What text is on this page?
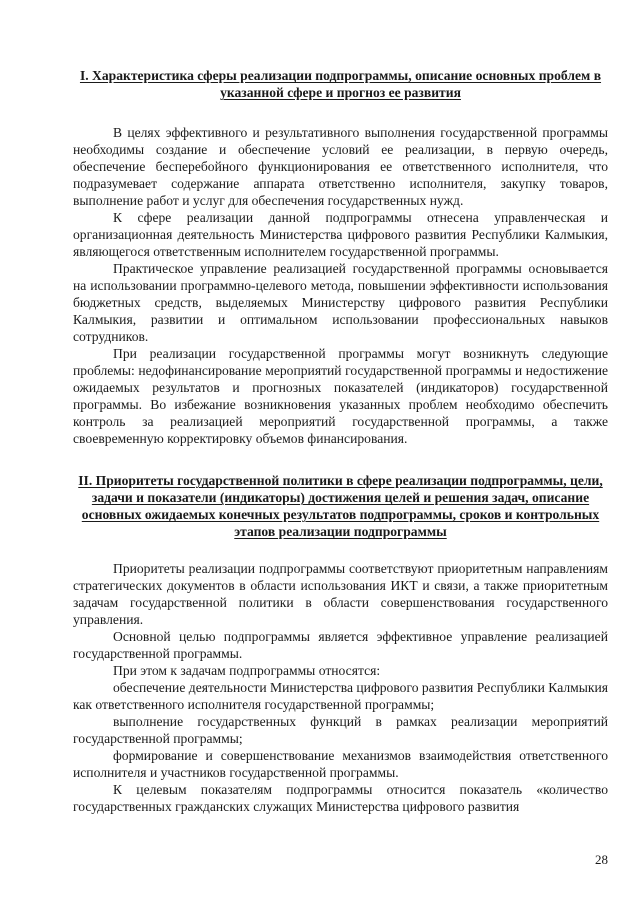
I. Характеристика сферы реализации подпрограммы, описание основных проблем в указанной сфере и прогноз ее развития

В целях эффективного и результативного выполнения государственной программы необходимы создание и обеспечение условий ее реализации, в первую очередь, обеспечение бесперебойного функционирования ее ответственного исполнителя, что подразумевает содержание аппарата ответственно исполнителя, закупку товаров, выполнение работ и услуг для обеспечения государственных нужд.

К сфере реализации данной подпрограммы отнесена управленческая и организационная деятельность Министерства цифрового развития Республики Калмыкия, являющегося ответственным исполнителем государственной программы.

Практическое управление реализацией государственной программы основывается на использовании программно-целевого метода, повышении эффективности использования бюджетных средств, выделяемых Министерству цифрового развития Республики Калмыкия, развитии и оптимальном использовании профессиональных навыков сотрудников.

При реализации государственной программы могут возникнуть следующие проблемы: недофинансирование мероприятий государственной программы и недостижение ожидаемых результатов и прогнозных показателей (индикаторов) государственной программы. Во избежание возникновения указанных проблем необходимо обеспечить контроль за реализацией мероприятий государственной программы, а также своевременную корректировку объемов финансирования.

II. Приоритеты государственной политики в сфере реализации подпрограммы, цели, задачи и показатели (индикаторы) достижения целей и решения задач, описание основных ожидаемых конечных результатов подпрограммы, сроков и контрольных этапов реализации подпрограммы

Приоритеты реализации подпрограммы соответствуют приоритетным направлениям стратегических документов в области использования ИКТ и связи, а также приоритетным задачам государственной политики в области совершенствования государственного управления.

Основной целью подпрограммы является эффективное управление реализацией государственной программы.

При этом к задачам подпрограммы относятся:

обеспечение деятельности Министерства цифрового развития Республики Калмыкия как ответственного исполнителя государственной программы;

выполнение государственных функций в рамках реализации мероприятий государственной программы;

формирование и совершенствование механизмов взаимодействия ответственного исполнителя и участников государственной программы.

К целевым показателям подпрограммы относится показатель «количество государственных гражданских служащих Министерства цифрового развития

28
